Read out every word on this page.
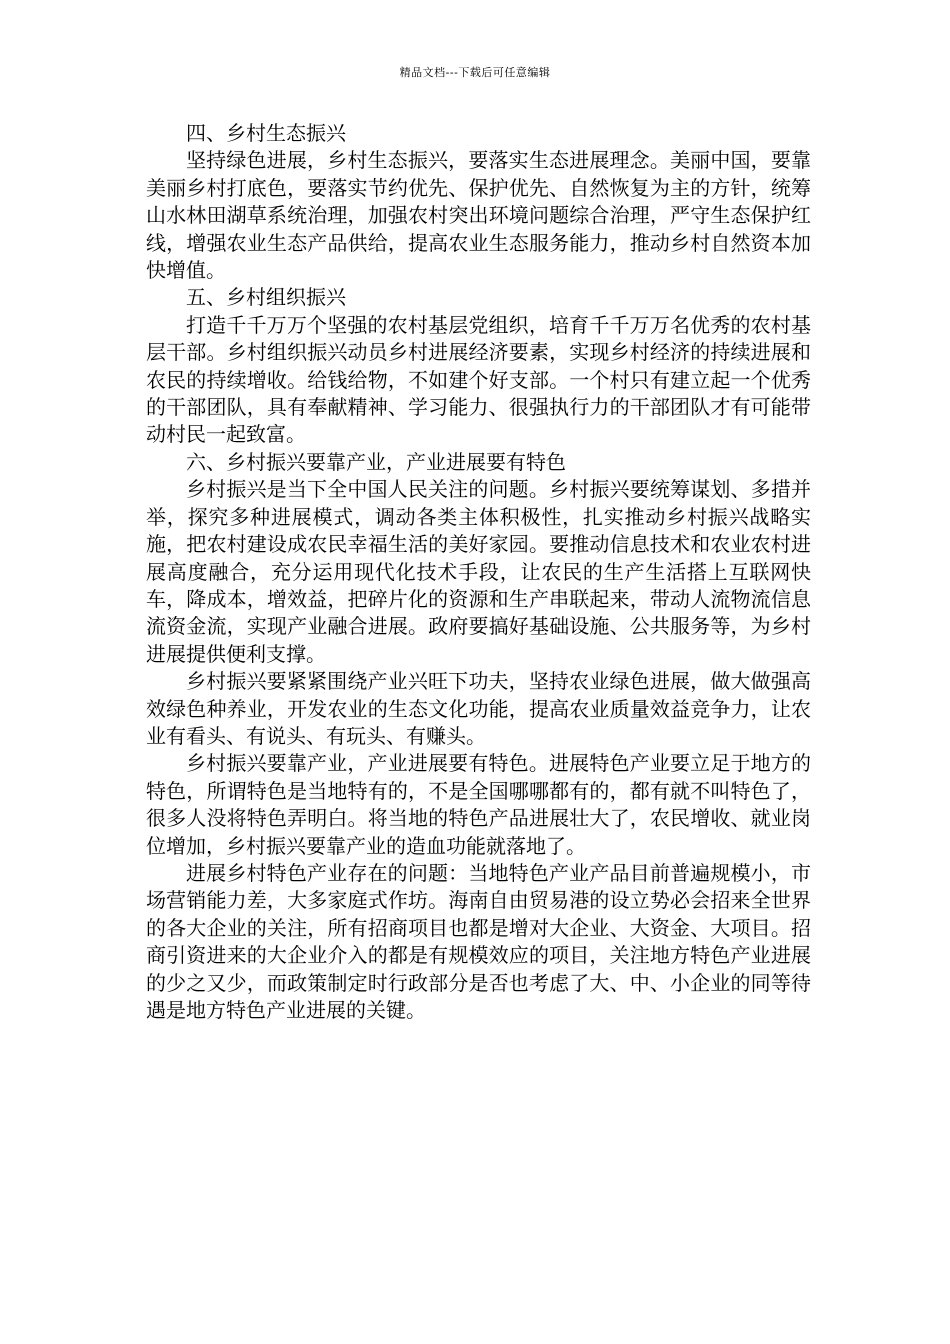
精品文档---下载后可任意编辑

四、乡村生态振兴

坚持绿色进展，乡村生态振兴，要落实生态进展理念。美丽中国，要靠美丽乡村打底色，要落实节约优先、保护优先、自然恢复为主的方针，统筹山水林田湖草系统治理，加强农村突出环境问题综合治理，严守生态保护红线，增强农业生态产品供给，提高农业生态服务能力，推动乡村自然资本加快增值。

五、乡村组织振兴

打造千千万万个坚强的农村基层党组织，培育千千万万名优秀的农村基层干部。乡村组织振兴动员乡村进展经济要素，实现乡村经济的持续进展和农民的持续增收。给钱给物，不如建个好支部。一个村只有建立起一个优秀的干部团队，具有奉献精神、学习能力、很强执行力的干部团队才有可能带动村民一起致富。

六、乡村振兴要靠产业，产业进展要有特色

乡村振兴是当下全中国人民关注的问题。乡村振兴要统筹谋划、多措并举，探究多种进展模式，调动各类主体积极性，扎实推动乡村振兴战略实施，把农村建设成农民幸福生活的美好家园。要推动信息技术和农业农村进展高度融合，充分运用现代化技术手段，让农民的生产生活搭上互联网快车，降成本，增效益，把碎片化的资源和生产串联起来，带动人流物流信息流资金流，实现产业融合进展。政府要搞好基础设施、公共服务等，为乡村进展提供便利支撑。

乡村振兴要紧紧围绕产业兴旺下功夫，坚持农业绿色进展，做大做强高效绿色种养业，开发农业的生态文化功能，提高农业质量效益竞争力，让农业有看头、有说头、有玩头、有赚头。

乡村振兴要靠产业，产业进展要有特色。进展特色产业要立足于地方的特色，所谓特色是当地特有的，不是全国哪哪都有的，都有就不叫特色了，很多人没将特色弄明白。将当地的特色产品进展壮大了，农民增收、就业岗位增加，乡村振兴要靠产业的造血功能就落地了。

进展乡村特色产业存在的问题：当地特色产业产品目前普遍规模小，市场营销能力差，大多家庭式作坊。海南自由贸易港的设立势必会招来全世界的各大企业的关注，所有招商项目也都是增对大企业、大资金、大项目。招商引资进来的大企业介入的都是有规模效应的项目，关注地方特色产业进展的少之又少，而政策制定时行政部分是否也考虑了大、中、小企业的同等待遇是地方特色产业进展的关键。
